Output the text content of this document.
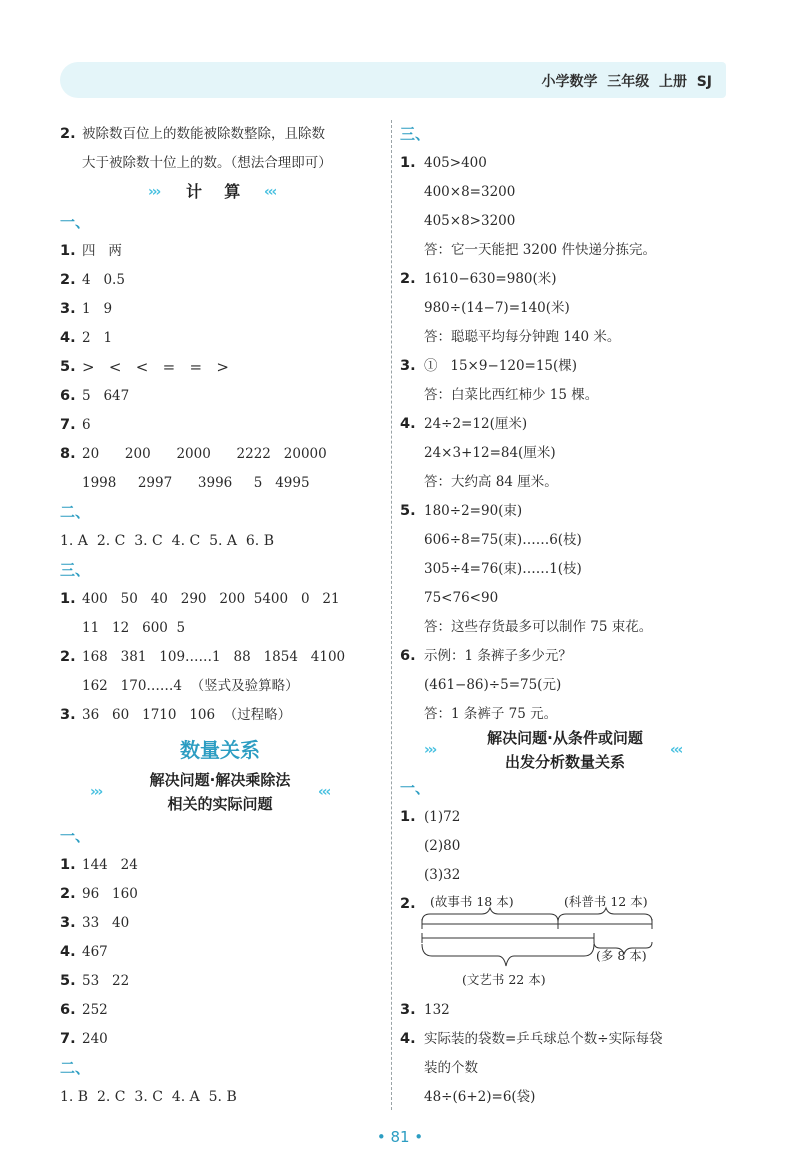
小学数学  三年级  上册  SJ
2. 被除数百位上的数能被除数整除，且除数
大于被除数十位上的数。（想法合理即可）
››› 计    算 ‹‹‹
一、
1. 四   两
2. 4   0.5
3. 1   9
4. 2   1
5. >   <   <   =   =   >
6. 5   647
7. 6
8. 20      200      2000      2222   20000
1998     2997      3996     5   4995
二、
1. A  2. C  3. C  4. C  5. A  6. B
三、
1. 400   50   40   290   200  5400   0   21
11   12   600  5
2. 168   381   109……1   88   1854   4100
162   170……4  （竖式及验算略）
3. 36   60   1710   106  （过程略）
数量关系
›››
解决问题·解决乘除法
相关的实际问题
‹‹‹
一、
1. 144   24
2. 96   160
3. 33   40
4. 467
5. 53   22
6. 252
7. 240
二、
1. B  2. C  3. C  4. A  5. B
三、
1. 405>400
400×8=3200
405×8>3200
答：它一天能把 3200 件快递分拣完。
2. 1610−630=980(米)
980÷(14−7)=140(米)
答：聪聪平均每分钟跑 140 米。
3. ①   15×9−120=15(棵)
答：白菜比西红柿少 15 棵。
4. 24÷2=12(厘米)
24×3+12=84(厘米)
答：大约高 84 厘米。
5. 180÷2=90(束)
606÷8=75(束)……6(枝)
305÷4=76(束)……1(枝)
75<76<90
答：这些存货最多可以制作 75 束花。
6. 示例：1 条裤子多少元？
(461−86)÷5=75(元)
答：1 条裤子 75 元。
›››
解决问题·从条件或问题
出发分析数量关系
‹‹‹
一、
1. (1)72
(2)80
(3)32
2. (故事书 18 本)	(科普书 12 本)
(多 8 本)
(文艺书 22 本)
3. 132
4. 实际装的袋数=乒乓球总个数÷实际每袋
装的个数
48÷(6+2)=6(袋)
• 81 •
